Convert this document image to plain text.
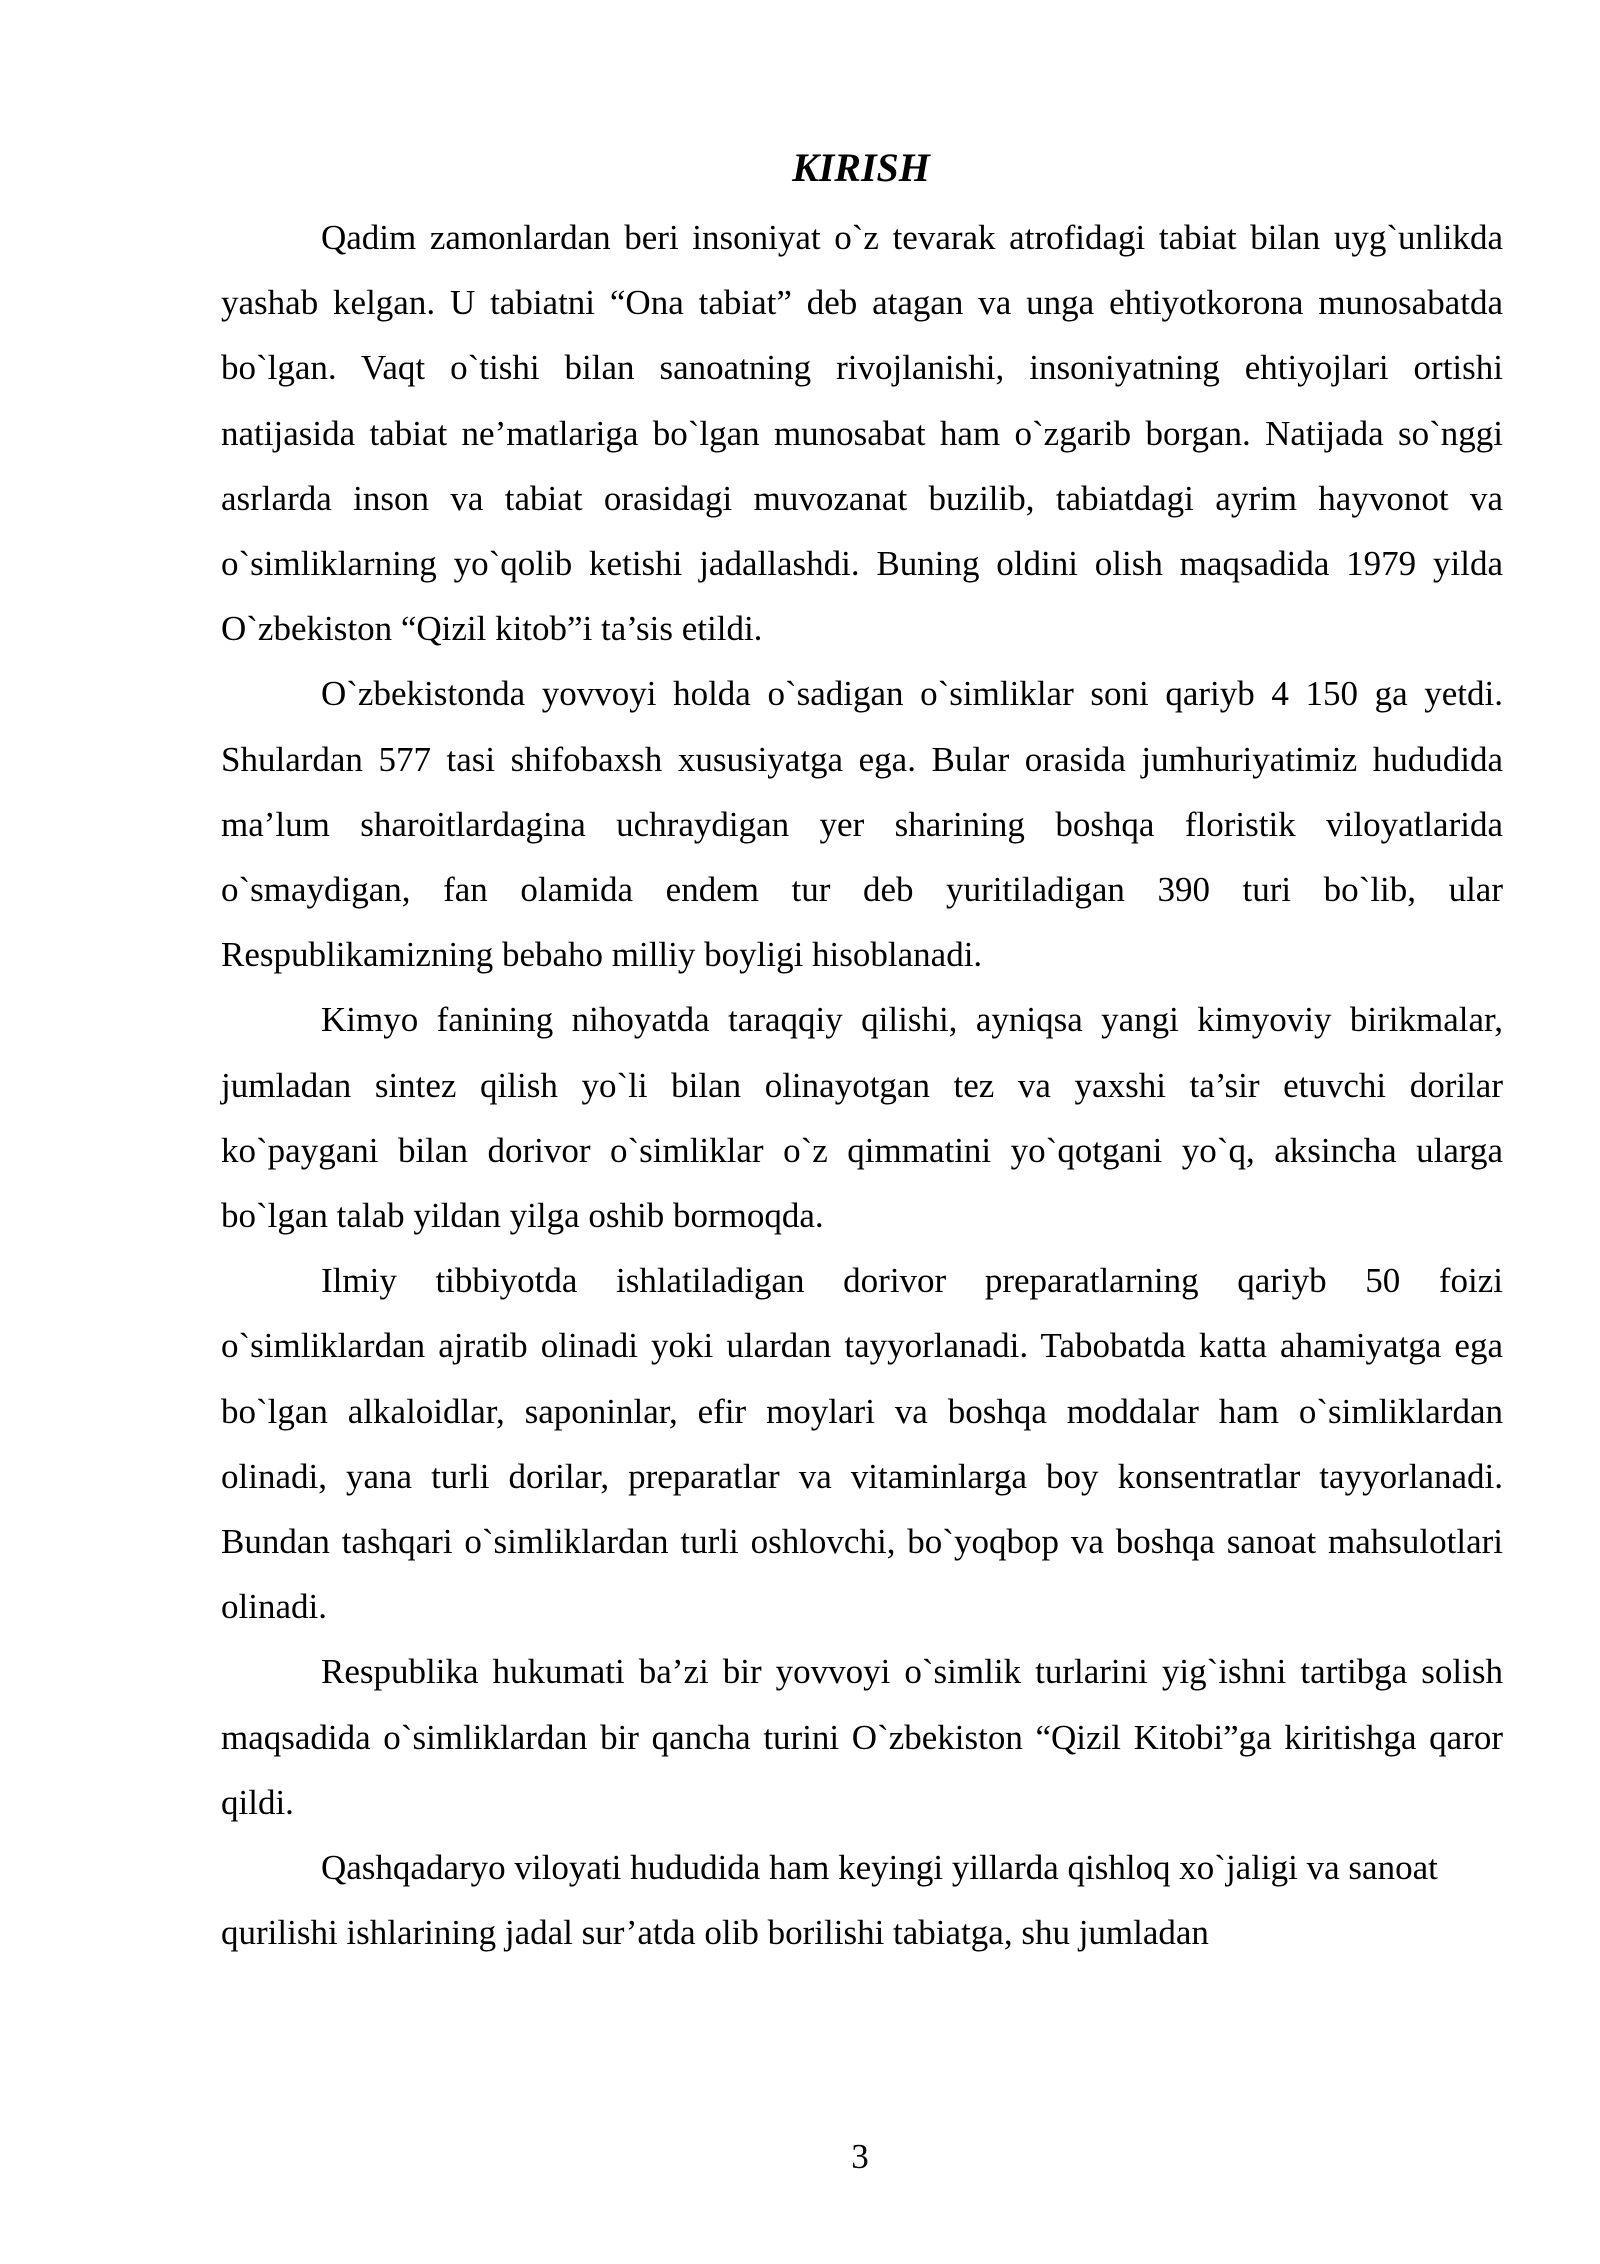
KIRISH

Qadim zamonlardan beri insoniyat o`z tevarak atrofidagi tabiat bilan uyg`unlikda yashab kelgan. U tabiatni “Ona tabiat” deb atagan va unga ehtiyotkorona munosabatda bo`lgan. Vaqt o`tishi bilan sanoatning rivojlanishi, insoniyatning ehtiyojlari ortishi natijasida tabiat ne’matlariga bo`lgan munosabat ham o`zgarib borgan. Natijada so`nggi asrlarda inson va tabiat orasidagi muvozanat buzilib, tabiatdagi ayrim hayvonot va o`simliklarning yo`qolib ketishi jadallashdi. Buning oldini olish maqsadida 1979 yilda O`zbekiston “Qizil kitob”i ta’sis etildi.

O`zbekistonda yovvoyi holda o`sadigan o`simliklar soni qariyb 4 150 ga yetdi. Shulardan 577 tasi shifobaxsh xususiyatga ega. Bular orasida jumhuriyatimiz hududida ma’lum sharoitlardagina uchraydigan yer sharining boshqa floristik viloyatlarida o`smaydigan, fan olamida endem tur deb yuritiladigan 390 turi bo`lib, ular Respublikamizning bebaho milliy boyligi hisoblanadi.

Kimyo fanining nihoyatda taraqqiy qilishi, ayniqsa yangi kimyoviy birikmalar, jumladan sintez qilish yo`li bilan olinayotgan tez va yaxshi ta’sir etuvchi dorilar ko`paygani bilan dorivor o`simliklar o`z qimmatini yo`qotgani yo`q, aksincha ularga bo`lgan talab yildan yilga oshib bormoqda.

Ilmiy tibbiyotda ishlatiladigan dorivor preparatlarning qariyb 50 foizi o`simliklardan ajratib olinadi yoki ulardan tayyorlanadi. Tabobatda katta ahamiyatga ega bo`lgan alkaloidlar, saponinlar, efir moylari va boshqa moddalar ham o`simliklardan olinadi, yana turli dorilar, preparatlar va vitaminlarga boy konsentratlar tayyorlanadi. Bundan tashqari o`simliklardan turli oshlovchi, bo`yoqbop va boshqa sanoat mahsulotlari olinadi.

Respublika hukumati ba’zi bir yovvoyi o`simlik turlarini yig`ishni tartibga solish maqsadida o`simliklardan bir qancha turini O`zbekiston “Qizil Kitobi”ga kiritishga qaror qildi.

Qashqadaryo viloyati hududida ham keyingi yillarda qishloq xo`jaligi va sanoat qurilishi ishlarining jadal sur’atda olib borilishi tabiatga, shu jumladan

3
